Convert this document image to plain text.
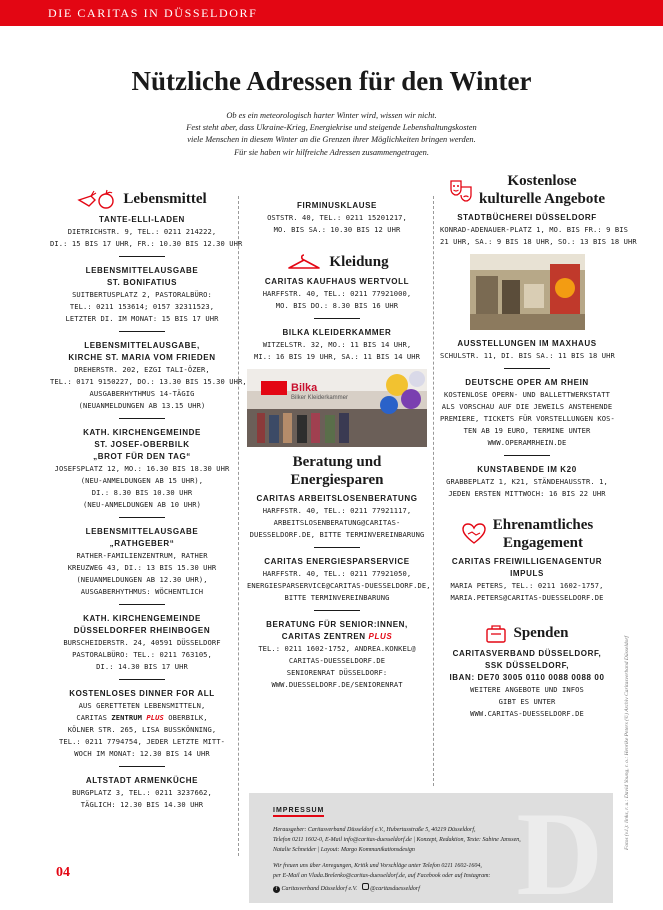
DIE CARITAS IN DÜSSELDORF
Nützliche Adressen für den Winter
Ob es ein meteorologisch harter Winter wird, wissen wir nicht.
Fest steht aber, dass Ukraine-Krieg, Energiekrise und steigende Lebenshaltungskosten
viele Menschen in diesem Winter an die Grenzen ihrer Möglichkeiten bringen werden.
Für sie haben wir hilfreiche Adressen zusammengetragen.
Lebensmittel
TANTE-ELLI-LADEN
DIETRICHSTR. 9, TEL.: 0211 214222,
DI.: 15 BIS 17 UHR, FR.: 10.30 BIS 12.30 UHR
LEBENSMITTELAUSGABE
ST. BONIFATIUS
SUITBERTUSPLATZ 2, PASTORALBÜRO:
TEL.: 0211 153614; 0157 32311523,
LETZTER DI. IM MONAT: 15 BIS 17 UHR
LEBENSMITTELAUSGABE,
KIRCHE ST. MARIA VOM FRIEDEN
DREHERSTR. 202, EZGI TALI-ÖZER,
TEL.: 0171 9150227, DO.: 13.30 BIS 15.30 UHR,
AUSGABERHYTHMUS 14-TÄGIG
(NEUANMELDUNGEN AB 13.15 UHR)
KATH. KIRCHENGEMEINDE
ST. JOSEF-OBERBILK
„BROT FÜR DEN TAG“
JOSEFSPLATZ 12, MO.: 16.30 BIS 18.30 UHR
(NEU-ANMELDUNGEN AB 15 UHR),
DI.: 8.30 BIS 10.30 UHR
(NEU-ANMELDUNGEN AB 10 UHR)
LEBENSMITTELAUSGABE
„RATHGEBER“
RATHER-FAMILIENZENTRUM, RATHER
KREUZWEG 43, DI.: 13 BIS 15.30 UHR
(NEUANMELDUNGEN AB 12.30 UHR),
AUSGABERHYTHMUS: WÖCHENTLICH
KATH. KIRCHENGEMEINDE
DÜSSELDORFER RHEINBOGEN
BURSCHEIDERSTR. 24, 40591 DÜSSELDORF
PASTORALBÜRO: TEL.: 0211 763105,
DI.: 14.30 BIS 17 UHR
KOSTENLOSES DINNER FOR ALL
AUS GERETTETEN LEBENSMITTELN,
CARITAS ZENTRUM PLUS OBERBILK,
KÖLNER STR. 265, LISA BUSSKÖNNING,
TEL.: 0211 7794754, JEDER LETZTE MITT-
WOCH IM MONAT: 12.30 BIS 14 UHR
ALTSTADT ARMENKÜCHE
BURGPLATZ 3, TEL.: 0211 3237662,
TÄGLICH: 12.30 BIS 14.30 UHR
FIRMINUSKLAUSE
OSTSTR. 40, TEL.: 0211 15201217,
MO. BIS SA.: 10.30 BIS 12 UHR
Kleidung
CARITAS KAUFHAUS WERTVOLL
HARFFSTR. 40, TEL.: 0211 77921000,
MO. BIS DO.: 8.30 BIS 16 UHR
BILKA KLEIDERKAMMER
WITZELSTR. 32, MO.: 11 BIS 14 UHR,
MI.: 16 BIS 19 UHR, SA.: 11 BIS 14 UHR
Bilka
Bilker Kleiderkammer
Beratung und
Energiesparen
CARITAS ARBEITSLOSENBERATUNG
HARFFSTR. 40, TEL.: 0211 77921117,
ARBEITSLOSENBERATUNG@CARITAS-
DUESSELDORF.DE, BITTE TERMINVEREINBARUNG
CARITAS ENERGIESPARSERVICE
HARFFSTR. 40, TEL.: 0211 77921050,
ENERGIESPARSERVICE@CARITAS-DUESSELDORF.DE,
BITTE TERMINVEREINBARUNG
BERATUNG FÜR SENIOR:INNEN,
CARITAS ZENTREN PLUS
TEL.: 0211 1602-1752, ANDREA.KONKEL@
CARITAS-DUESSELDORF.DE
SENIORENRAT DÜSSELDORF:
WWW.DUESSELDORF.DE/SENIORENRAT
Kostenlose
kulturelle Angebote
STADTBÜCHEREI DÜSSELDORF
KONRAD-ADENAUER-PLATZ 1, MO. BIS FR.: 9 BIS
21 UHR, SA.: 9 BIS 18 UHR, SO.: 13 BIS 18 UHR
AUSSTELLUNGEN IM MAXHAUS
SCHULSTR. 11, DI. BIS SA.: 11 BIS 18 UHR
DEUTSCHE OPER AM RHEIN
KOSTENLOSE OPERN- UND BALLETTWERKSTATT
ALS VORSCHAU AUF DIE JEWEILS ANSTEHENDE
PREMIERE, TICKETS FÜR VORSTELLUNGEN KOS-
TEN AB 19 EURO, TERMINE UNTER
WWW.OPERAMRHEIN.DE
KUNSTABENDE IM K20
GRABBEPLATZ 1, K21, STÄNDEHAUSSTR. 1,
JEDEN ERSTEN MITTWOCH: 16 BIS 22 UHR
Ehrenamtliches
Engagement
CARITAS FREIWILLIGENAGENTUR
IMPULS
MARIA PETERS, TEL.: 0211 1602-1757,
MARIA.PETERS@CARITAS-DUESSELDORF.DE
Spenden
CARITASVERBAND DÜSSELDORF,
SSK DÜSSELDORF,
IBAN: DE70 3005 0110 0088 0088 00
WEITERE ANGEBOTE UND INFOS
GIBT ES UNTER
WWW.CARITAS-DUESSELDORF.DE
D
IMPRESSUM
Herausgeber: Caritasverband Düsseldorf e.V., Hubertusstraße 5, 40219 Düsseldorf,
Telefon 0211 1602-0, E-Mail info@caritas-duesseldorf.de | Konzept, Redaktion, Texte: Sabine Janssen,
Natalie Schneider | Layout: Margo Kommunikationsdesign
Wir freuen uns über Anregungen, Kritik und Vorschläge unter Telefon 0211 1602-1604,
per E-Mail an Vlada.Brelenko@caritas-duesseldorf.de, auf Facebook oder auf Instagram:
f Caritasverband Düsseldorf e.V. @caritasduesseldorf
04
Fotos (v.l.): links, r. u.: David Young, r. o.: Henrike Peters (©) Archiv Caritasverband Düsseldorf
